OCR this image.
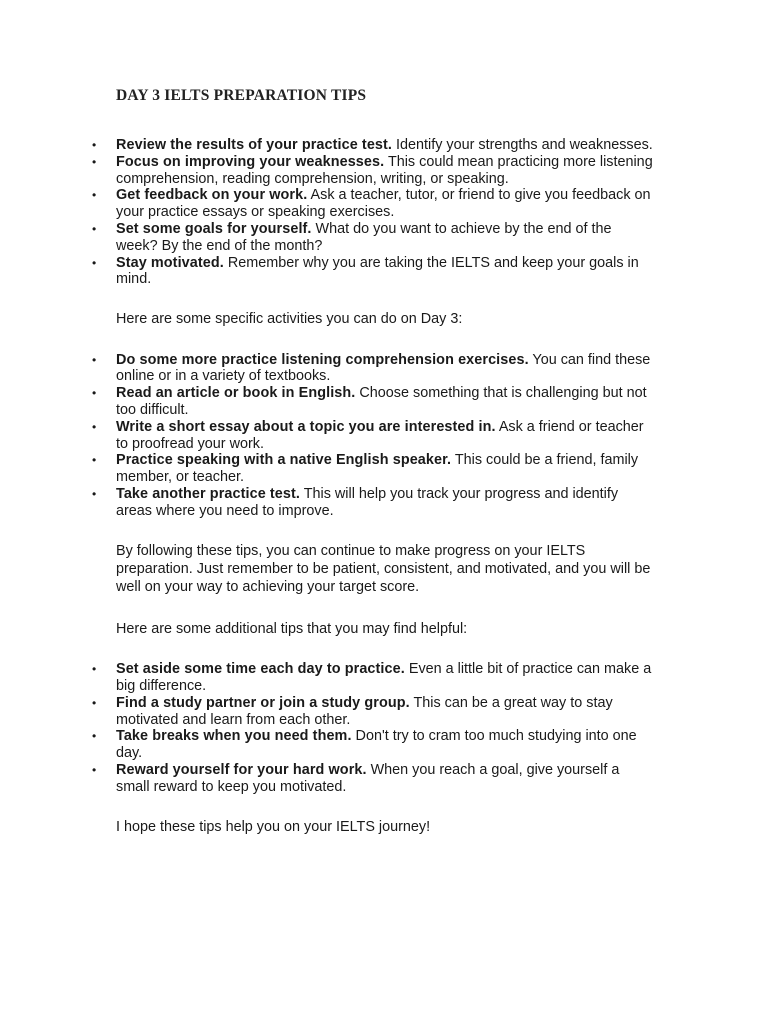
DAY 3 IELTS PREPARATION TIPS
• Review the results of your practice test. Identify your strengths and weaknesses.
• Focus on improving your weaknesses. This could mean practicing more listening comprehension, reading comprehension, writing, or speaking.
• Get feedback on your work. Ask a teacher, tutor, or friend to give you feedback on your practice essays or speaking exercises.
• Set some goals for yourself. What do you want to achieve by the end of the week? By the end of the month?
• Stay motivated. Remember why you are taking the IELTS and keep your goals in mind.

Here are some specific activities you can do on Day 3:

• Do some more practice listening comprehension exercises. You can find these online or in a variety of textbooks.
• Read an article or book in English. Choose something that is challenging but not too difficult.
• Write a short essay about a topic you are interested in. Ask a friend or teacher to proofread your work.
• Practice speaking with a native English speaker. This could be a friend, family member, or teacher.
• Take another practice test. This will help you track your progress and identify areas where you need to improve.

By following these tips, you can continue to make progress on your IELTS preparation. Just remember to be patient, consistent, and motivated, and you will be well on your way to achieving your target score.

Here are some additional tips that you may find helpful:

• Set aside some time each day to practice. Even a little bit of practice can make a big difference.
• Find a study partner or join a study group. This can be a great way to stay motivated and learn from each other.
• Take breaks when you need them. Don't try to cram too much studying into one day.
• Reward yourself for your hard work. When you reach a goal, give yourself a small reward to keep you motivated.

I hope these tips help you on your IELTS journey!
